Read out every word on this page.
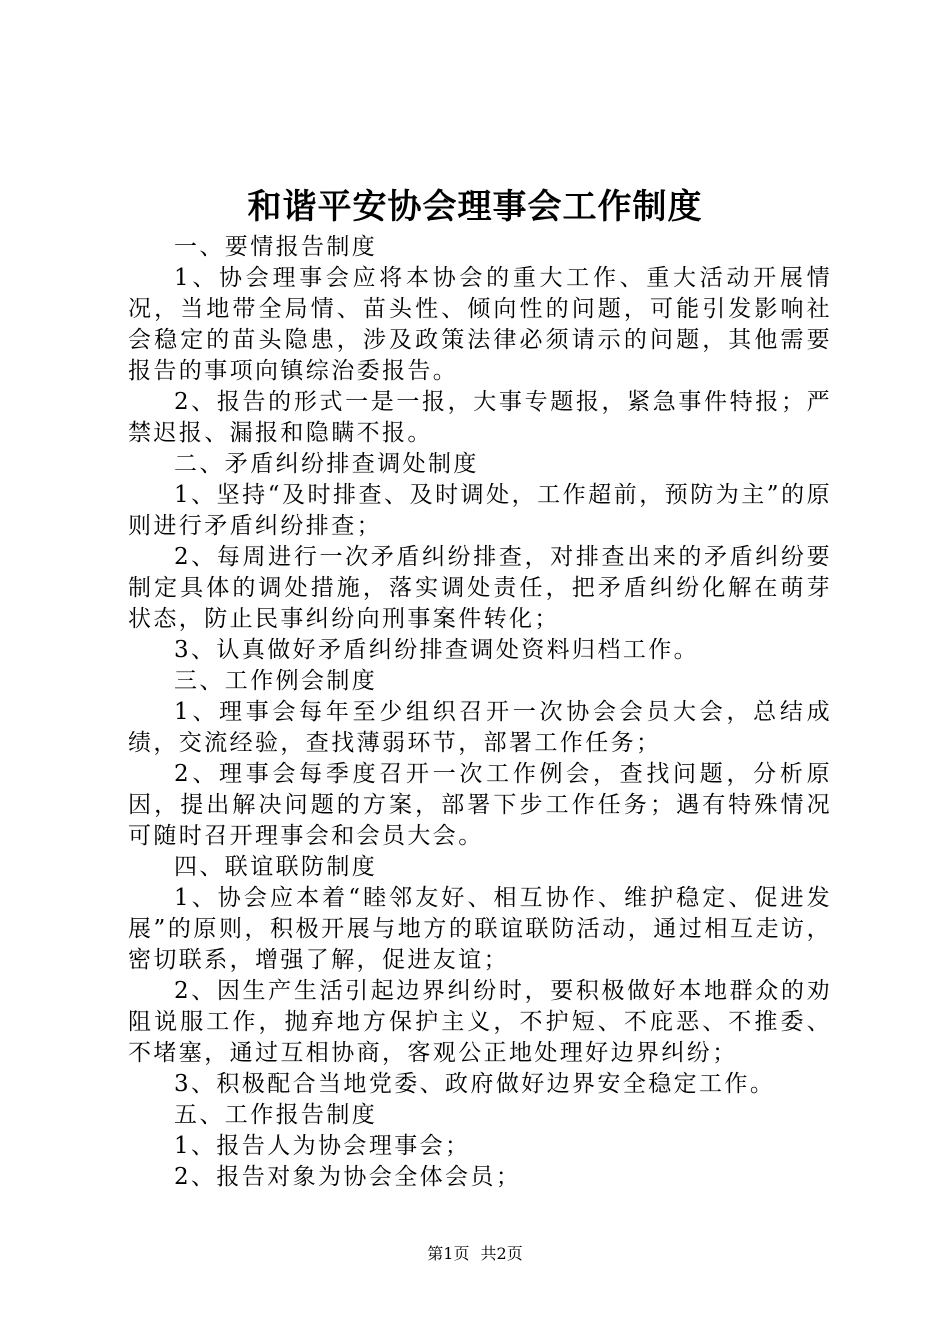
和谐平安协会理事会工作制度

一、要情报告制度

1、协会理事会应将本协会的重大工作、重大活动开展情况，当地带全局情、苗头性、倾向性的问题，可能引发影响社会稳定的苗头隐患，涉及政策法律必须请示的问题，其他需要报告的事项向镇综治委报告。

2、报告的形式一是一报，大事专题报，紧急事件特报；严禁迟报、漏报和隐瞒不报。

二、矛盾纠纷排查调处制度

1、坚持“及时排查、及时调处，工作超前，预防为主”的原则进行矛盾纠纷排查；

2、每周进行一次矛盾纠纷排查，对排查出来的矛盾纠纷要制定具体的调处措施，落实调处责任，把矛盾纠纷化解在萌芽状态，防止民事纠纷向刑事案件转化；

3、认真做好矛盾纠纷排查调处资料归档工作。

三、工作例会制度

1、理事会每年至少组织召开一次协会会员大会，总结成绩，交流经验，查找薄弱环节，部署工作任务；

2、理事会每季度召开一次工作例会，查找问题，分析原因，提出解决问题的方案，部署下步工作任务；遇有特殊情况可随时召开理事会和会员大会。

四、联谊联防制度

1、协会应本着“睦邻友好、相互协作、维护稳定、促进发展”的原则，积极开展与地方的联谊联防活动，通过相互走访，密切联系，增强了解，促进友谊；

2、因生产生活引起边界纠纷时，要积极做好本地群众的劝阻说服工作，抛弃地方保护主义，不护短、不庇恶、不推委、不堵塞，通过互相协商，客观公正地处理好边界纠纷；

3、积极配合当地党委、政府做好边界安全稳定工作。

五、工作报告制度

1、报告人为协会理事会；

2、报告对象为协会全体会员；

第1页 共2页
